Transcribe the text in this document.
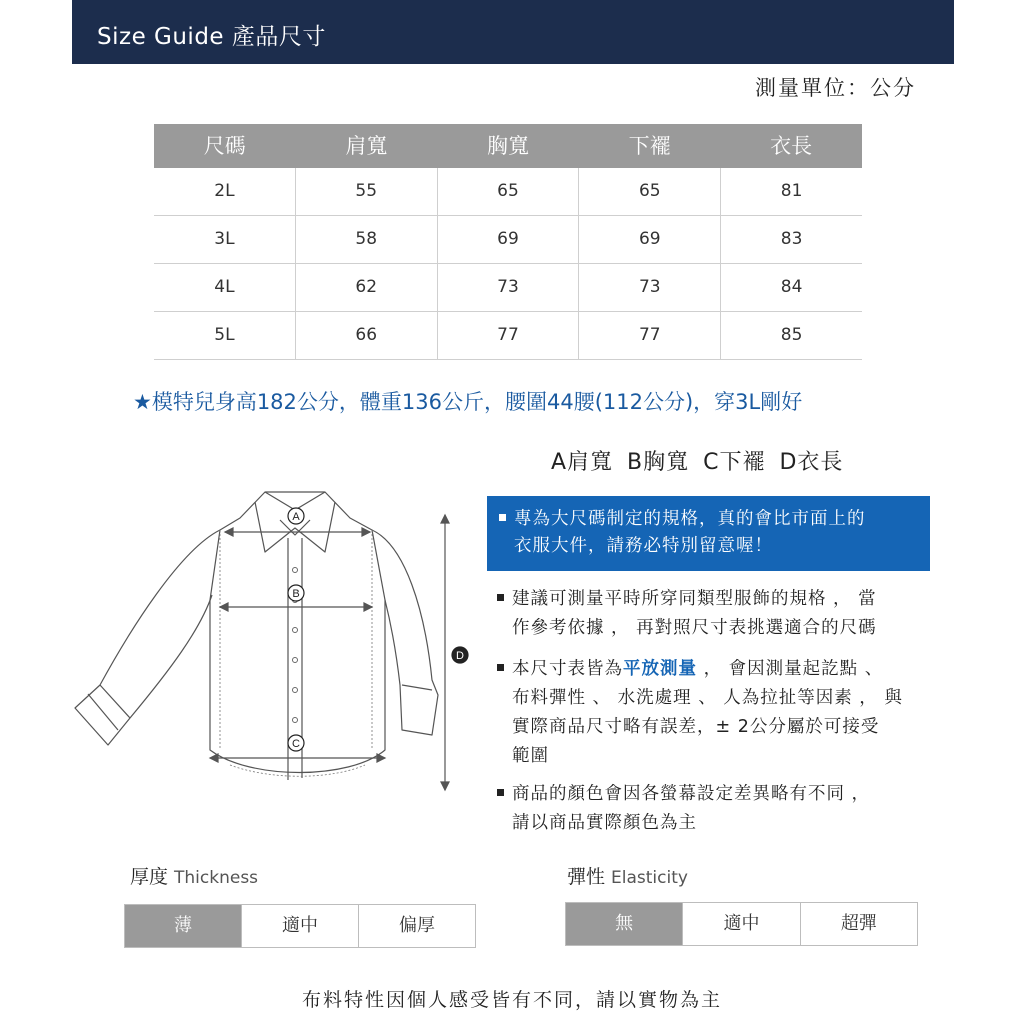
Size Guide 產品尺寸
測量單位：公分
尺碼	肩寬	胸寬	下襬	衣長
2L	55	65	65	81
3L	58	69	69	83
4L	62	73	73	84
5L	66	77	77	85
★模特兒身高182公分，體重136公斤，腰圍44腰(112公分)，穿3L剛好
A肩寬 B胸寬 C下襬 D衣長
A
B
C
D
專為大尺碼制定的規格，真的會比市面上的
衣服大件，請務必特別留意喔！
建議可測量平時所穿同類型服飾的規格 ， 當
作參考依據 ， 再對照尺寸表挑選適合的尺碼
本尺寸表皆為平放測量 ， 會因測量起訖點 、
布料彈性 、 水洗處理 、 人為拉扯等因素 ， 與
實際商品尺寸略有誤差，± 2公分屬於可接受
範圍
商品的顏色會因各螢幕設定差異略有不同 ，
請以商品實際顏色為主
厚度 Thickness
薄	適中	偏厚
彈性 Elasticity
無	適中	超彈
布料特性因個人感受皆有不同，請以實物為主
